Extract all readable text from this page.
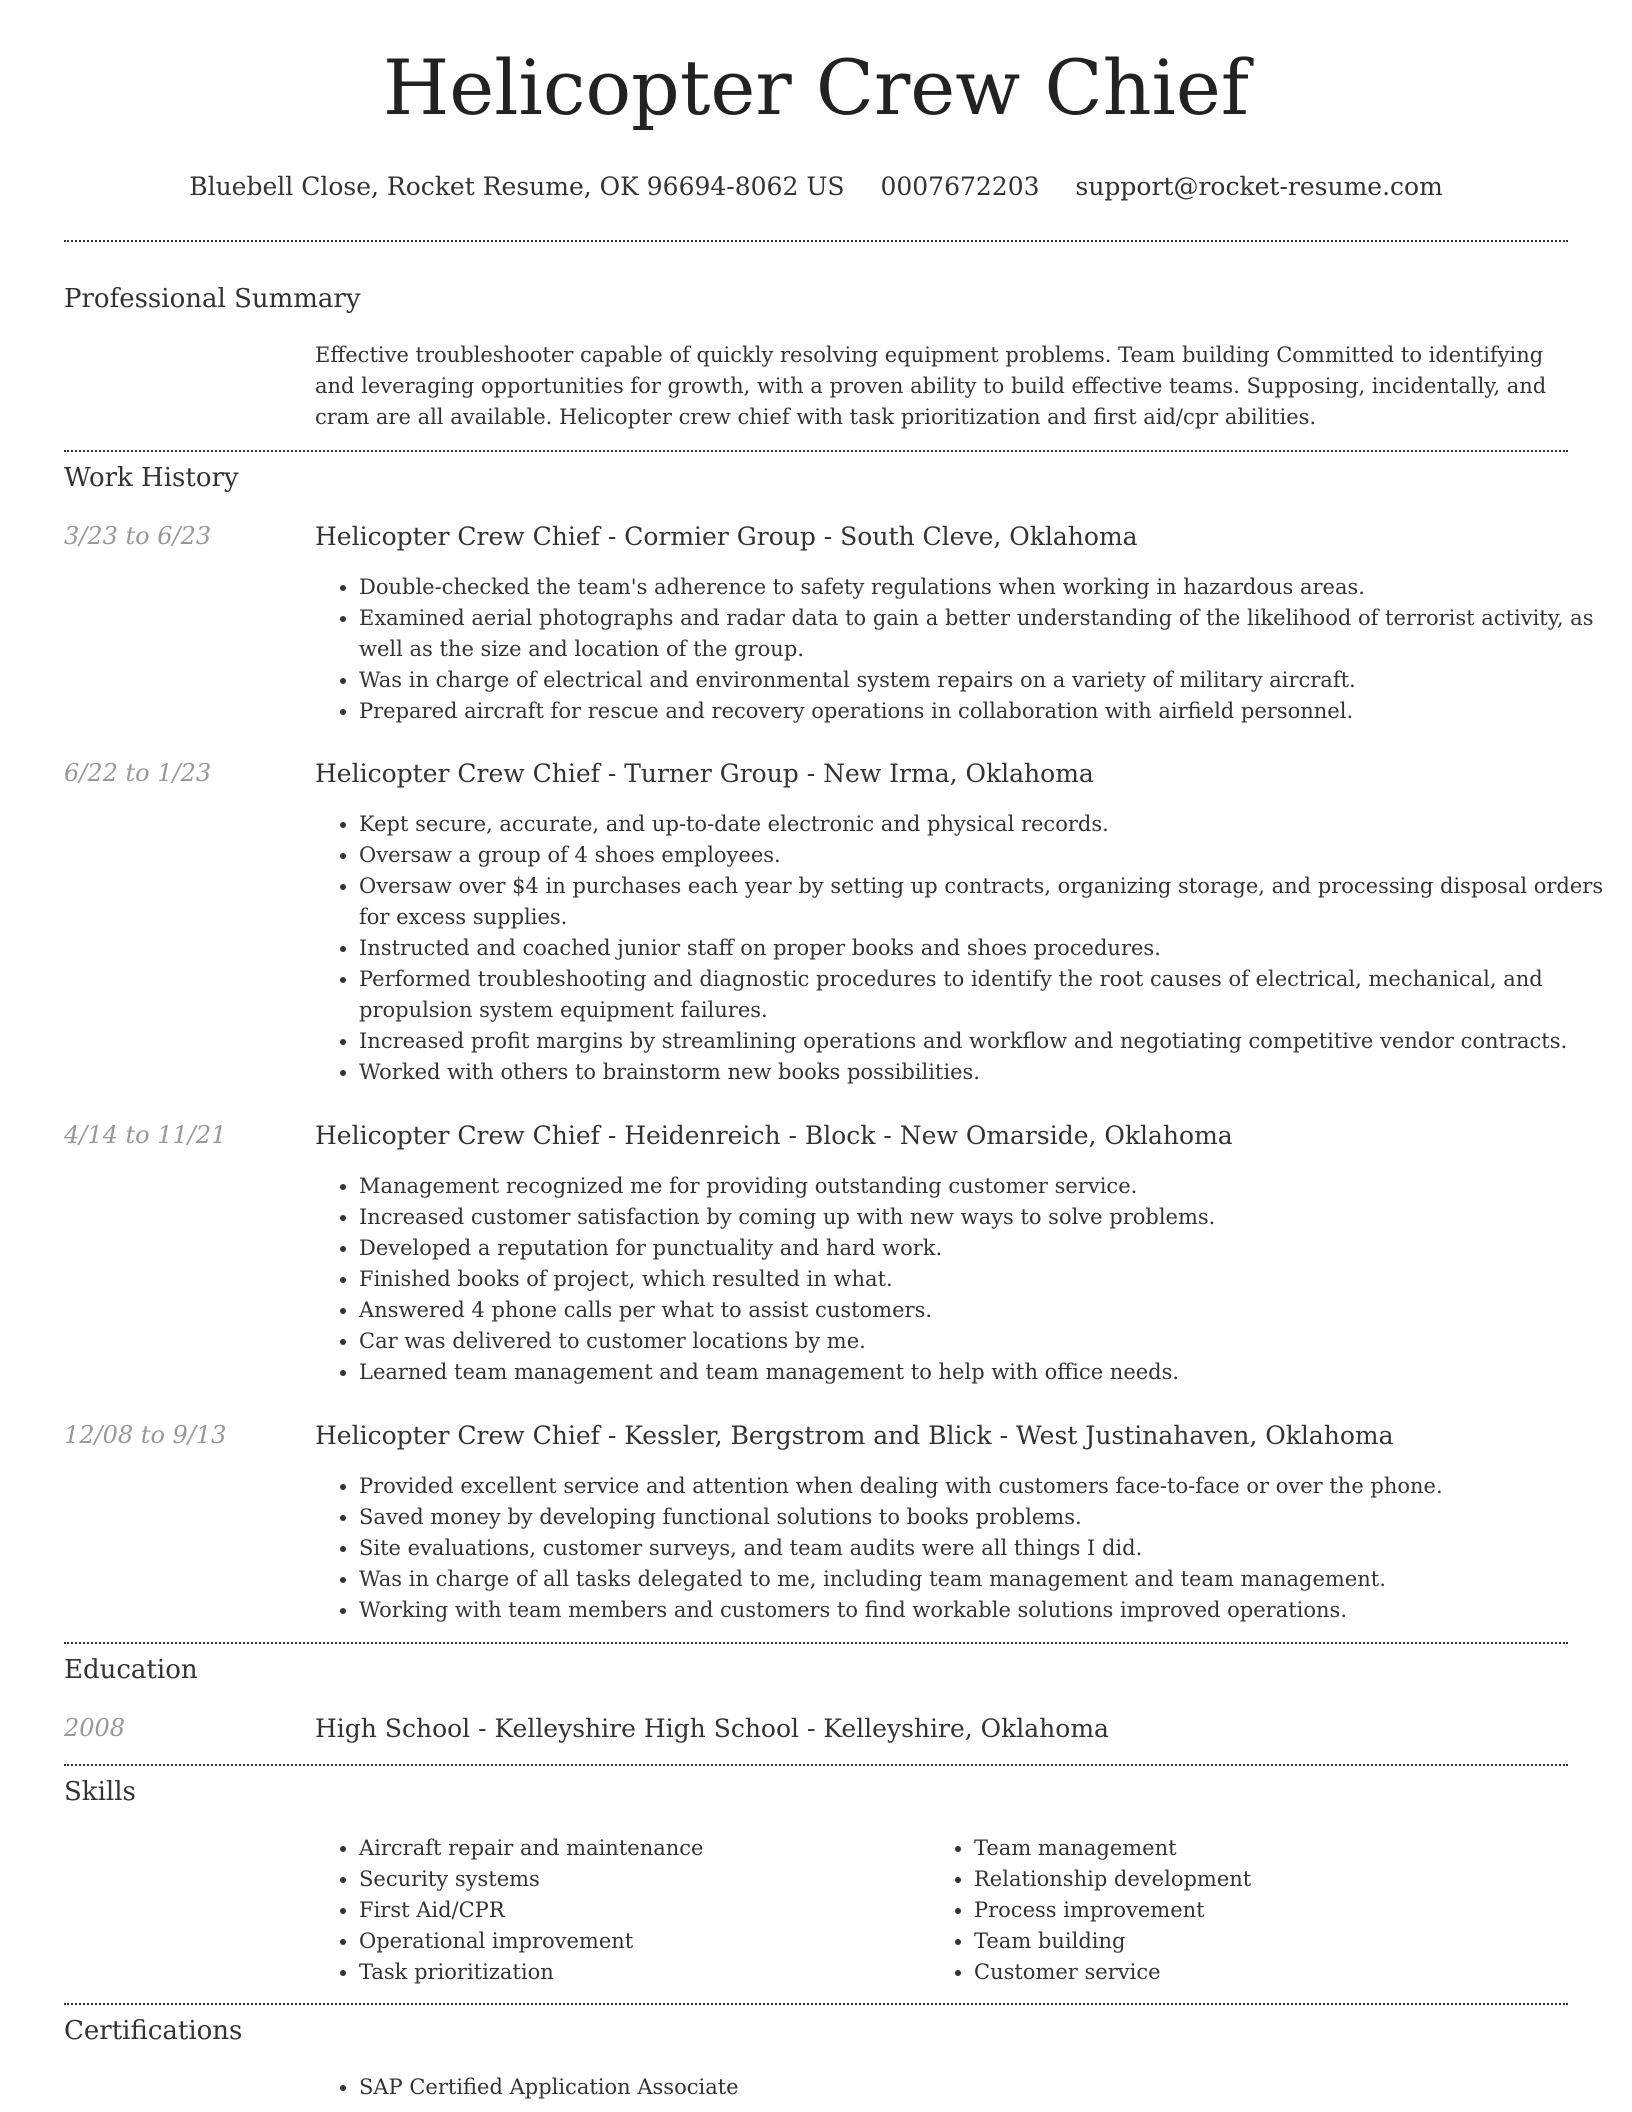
Helicopter Crew Chief
Bluebell Close, Rocket Resume, OK 96694-8062 US 0007672203 support@rocket-resume.com
Professional Summary
Effective troubleshooter capable of quickly resolving equipment problems. Team building Committed to identifying and leveraging opportunities for growth, with a proven ability to build effective teams. Supposing, incidentally, and cram are all available. Helicopter crew chief with task prioritization and first aid/cpr abilities.
Work History
3/23 to 6/23	Helicopter Crew Chief - Cormier Group - South Cleve, Oklahoma
• Double-checked the team's adherence to safety regulations when working in hazardous areas.
• Examined aerial photographs and radar data to gain a better understanding of the likelihood of terrorist activity, as well as the size and location of the group.
• Was in charge of electrical and environmental system repairs on a variety of military aircraft.
• Prepared aircraft for rescue and recovery operations in collaboration with airfield personnel.
6/22 to 1/23	Helicopter Crew Chief - Turner Group - New Irma, Oklahoma
• Kept secure, accurate, and up-to-date electronic and physical records.
• Oversaw a group of 4 shoes employees.
• Oversaw over $4 in purchases each year by setting up contracts, organizing storage, and processing disposal orders for excess supplies.
• Instructed and coached junior staff on proper books and shoes procedures.
• Performed troubleshooting and diagnostic procedures to identify the root causes of electrical, mechanical, and propulsion system equipment failures.
• Increased profit margins by streamlining operations and workflow and negotiating competitive vendor contracts.
• Worked with others to brainstorm new books possibilities.
4/14 to 11/21	Helicopter Crew Chief - Heidenreich - Block - New Omarside, Oklahoma
• Management recognized me for providing outstanding customer service.
• Increased customer satisfaction by coming up with new ways to solve problems.
• Developed a reputation for punctuality and hard work.
• Finished books of project, which resulted in what.
• Answered 4 phone calls per what to assist customers.
• Car was delivered to customer locations by me.
• Learned team management and team management to help with office needs.
12/08 to 9/13	Helicopter Crew Chief - Kessler, Bergstrom and Blick - West Justinahaven, Oklahoma
• Provided excellent service and attention when dealing with customers face-to-face or over the phone.
• Saved money by developing functional solutions to books problems.
• Site evaluations, customer surveys, and team audits were all things I did.
• Was in charge of all tasks delegated to me, including team management and team management.
• Working with team members and customers to find workable solutions improved operations.
Education
2008	High School - Kelleyshire High School - Kelleyshire, Oklahoma
Skills
• Aircraft repair and maintenance
• Security systems
• First Aid/CPR
• Operational improvement
• Task prioritization
• Team management
• Relationship development
• Process improvement
• Team building
• Customer service
Certifications
• SAP Certified Application Associate
